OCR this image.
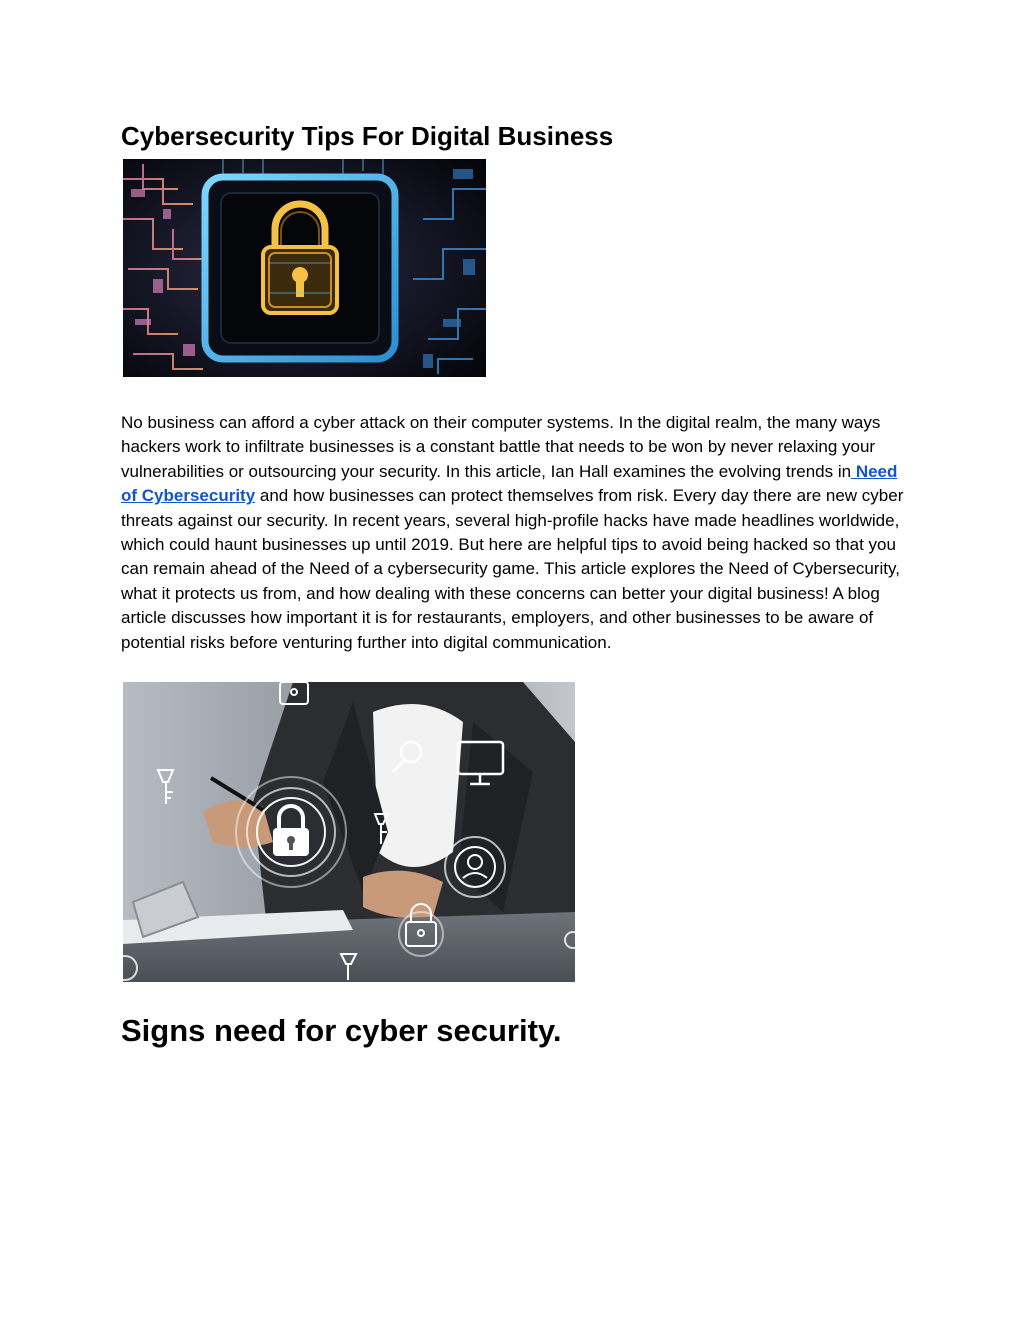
Cybersecurity Tips For Digital Business

No business can afford a cyber attack on their computer systems. In the digital realm, the many ways hackers work to infiltrate businesses is a constant battle that needs to be won by never relaxing your vulnerabilities or outsourcing your security. In this article, Ian Hall examines the evolving trends in Need of Cybersecurity and how businesses can protect themselves from risk. Every day there are new cyber threats against our security. In recent years, several high-profile hacks have made headlines worldwide, which could haunt businesses up until 2019. But here are helpful tips to avoid being hacked so that you can remain ahead of the Need of a cybersecurity game. This article explores the Need of Cybersecurity, what it protects us from, and how dealing with these concerns can better your digital business! A blog article discusses how important it is for restaurants, employers, and other businesses to be aware of potential risks before venturing further into digital communication.

Signs need for cyber security.
